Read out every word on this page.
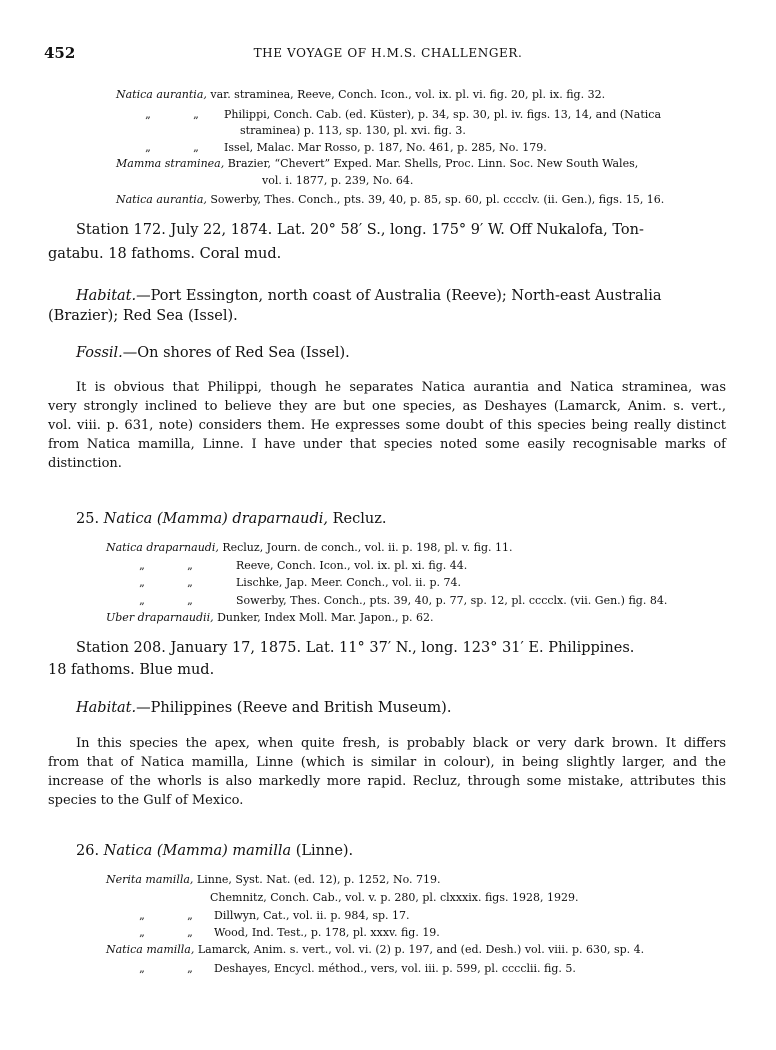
452	THE VOYAGE OF H.M.S. CHALLENGER.
Natica aurantia, var. straminea, Reeve, Conch. Icon., vol. ix. pl. vi. fig. 20, pl. ix. fig. 32.
„	„ Philippi, Conch. Cab. (ed. Küster), p. 34, sp. 30, pl. iv. figs. 13, 14, and (Natica
straminea) p. 113, sp. 130, pl. xvi. fig. 3.
„	„ Issel, Malac. Mar Rosso, p. 187, No. 461, p. 285, No. 179.
Mamma straminea, Brazier, “Chevert” Exped. Mar. Shells, Proc. Linn. Soc. New South Wales,
vol. i. 1877, p. 239, No. 64.
Natica aurantia, Sowerby, Thes. Conch., pts. 39, 40, p. 85, sp. 60, pl. cccclv. (ii. Gen.), figs. 15, 16.
Station 172. July 22, 1874. Lat. 20° 58′ S., long. 175° 9′ W. Off Nukalofa, Ton-
gatabu. 18 fathoms. Coral mud.
Habitat.—Port Essington, north coast of Australia (Reeve); North-east Australia
(Brazier); Red Sea (Issel).
Fossil.—On shores of Red Sea (Issel).
It is obvious that Philippi, though he separates Natica aurantia and Natica straminea, was
very strongly inclined to believe they are but one species, as Deshayes (Lamarck, Anim. s. vert.,
vol. viii. p. 631, note) considers them. He expresses some doubt of this species being really distinct
from Natica mamilla, Linne. I have under that species noted some easily recognisable marks of
distinction.
25. Natica (Mamma) draparnaudi, Recluz.
Natica draparnaudi, Recluz, Journ. de conch., vol. ii. p. 198, pl. v. fig. 11.
„	„	Reeve, Conch. Icon., vol. ix. pl. xi. fig. 44.
„	„	Lischke, Jap. Meer. Conch., vol. ii. p. 74.
„	„	Sowerby, Thes. Conch., pts. 39, 40, p. 77, sp. 12, pl. cccclx. (vii. Gen.) fig. 84.
Uber draparnaudii, Dunker, Index Moll. Mar. Japon., p. 62.
Station 208. January 17, 1875. Lat. 11° 37′ N., long. 123° 31′ E. Philippines.
18 fathoms. Blue mud.
Habitat.—Philippines (Reeve and British Museum).
In this species the apex, when quite fresh, is probably black or very dark brown. It differs
from that of Natica mamilla, Linne (which is similar in colour), in being slightly larger, and the
increase of the whorls is also markedly more rapid. Recluz, through some mistake, attributes this
species to the Gulf of Mexico.
26. Natica (Mamma) mamilla (Linne).
Nerita mamilla, Linne, Syst. Nat. (ed. 12), p. 1252, No. 719.
Chemnitz, Conch. Cab., vol. v. p. 280, pl. clxxxix. figs. 1928, 1929.
„	„ Dillwyn, Cat., vol. ii. p. 984, sp. 17.
„	„ Wood, Ind. Test., p. 178, pl. xxxv. fig. 19.
Natica mamilla, Lamarck, Anim. s. vert., vol. vi. (2) p. 197, and (ed. Desh.) vol. viii. p. 630, sp. 4.
„	„ Deshayes, Encycl. méthod., vers, vol. iii. p. 599, pl. cccclii. fig. 5.
